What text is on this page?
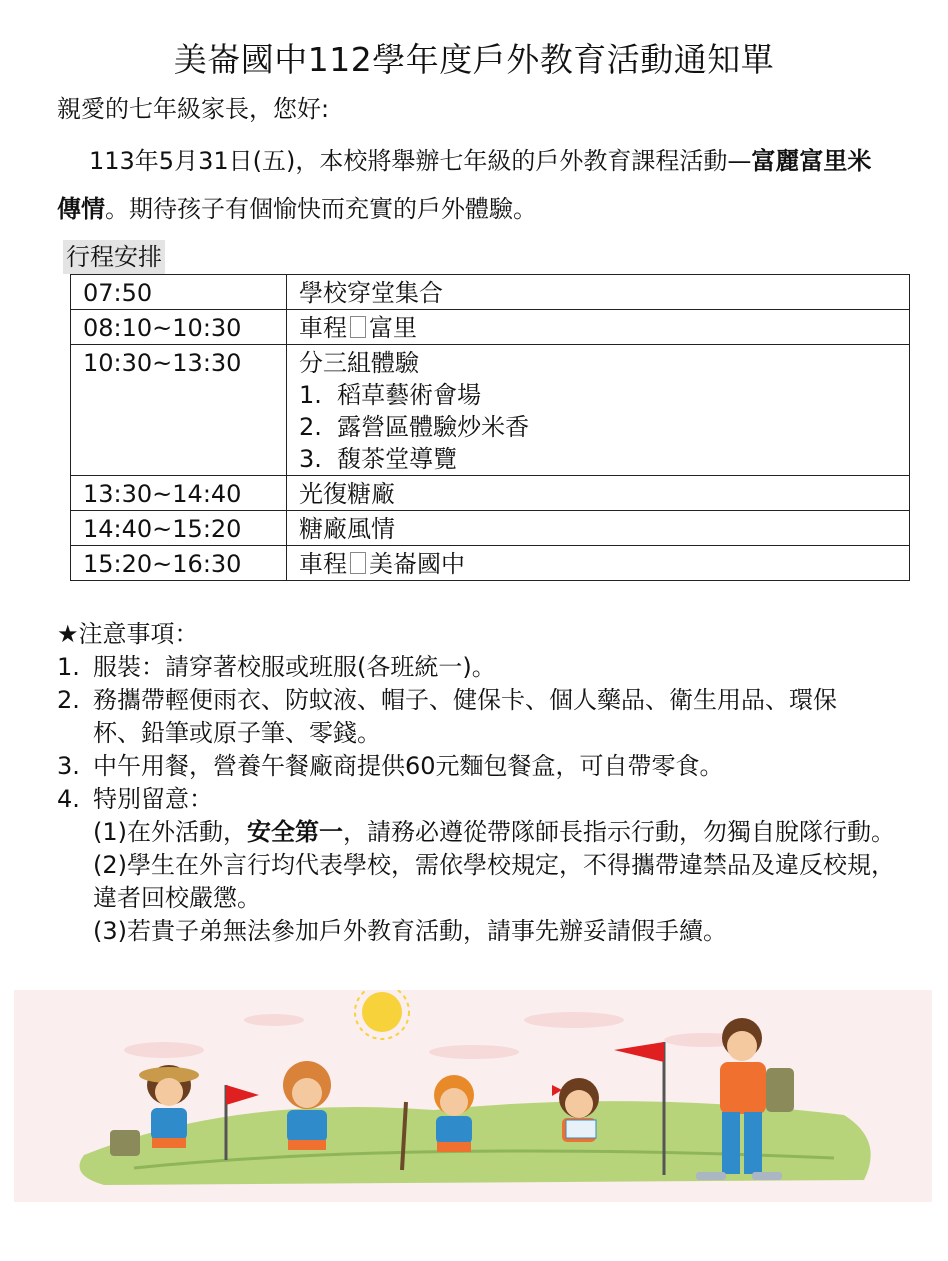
美崙國中112學年度戶外教育活動通知單
親愛的七年級家長，您好:
113年5月31日(五)，本校將舉辦七年級的戶外教育課程活動—富麗富里米傳情。期待孩子有個愉快而充實的戶外體驗。
行程安排
07:50	學校穿堂集合
08:10~10:30	車程 富里
10:30~13:30	分三組體驗
1.  稻草藝術會場
2.  露營區體驗炒米香
3.  馥茶堂導覽

13:30~14:40	光復糖廠
14:40~15:20	糖廠風情
15:20~16:30	車程 美崙國中
★注意事項：
1. 服裝：請穿著校服或班服(各班統一)。
2. 務攜帶輕便雨衣、防蚊液、帽子、健保卡、個人藥品、衛生用品、環保杯、鉛筆或原子筆、零錢。
3. 中午用餐，營養午餐廠商提供60元麵包餐盒，可自帶零食。
4. 特別留意：
(1)在外活動，安全第一，請務必遵從帶隊師長指示行動，勿獨自脫隊行動。
(2)學生在外言行均代表學校，需依學校規定，不得攜帶違禁品及違反校規，違者回校嚴懲。
(3)若貴子弟無法參加戶外教育活動，請事先辦妥請假手續。
